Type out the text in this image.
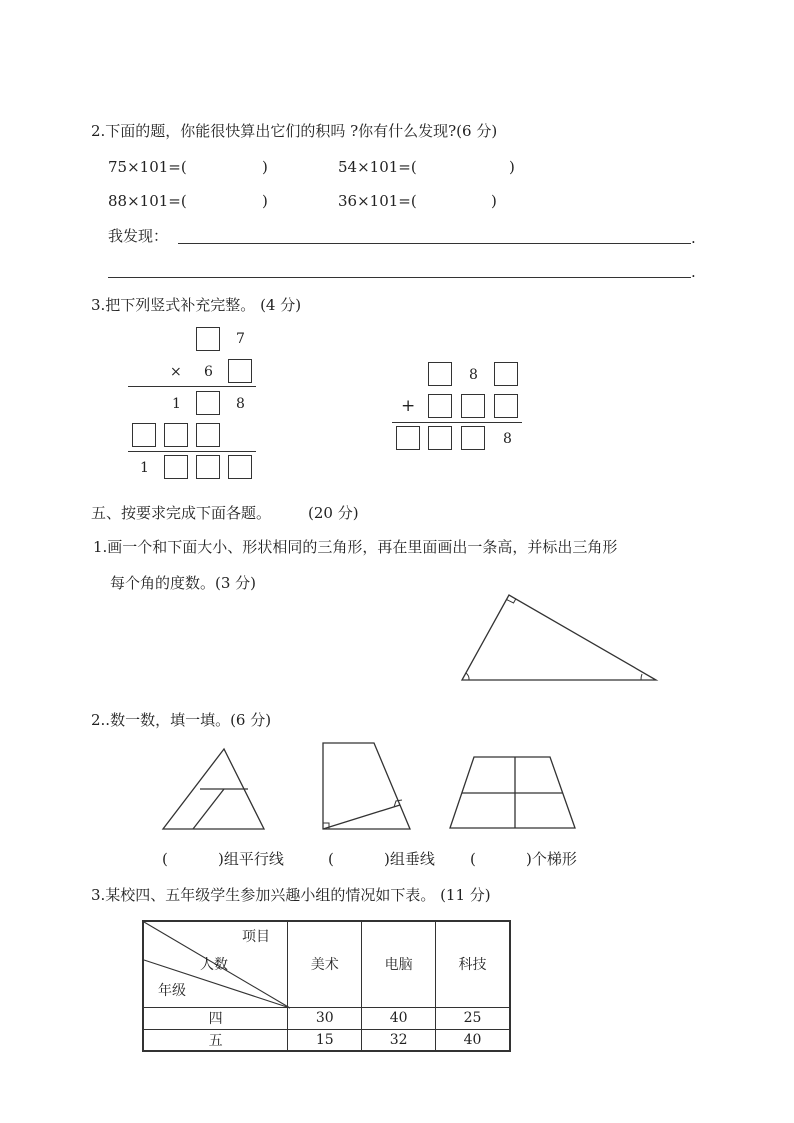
2.下面的题，你能很快算出它们的积吗 ?你有什么发现?(6 分)
75×101=(	)	54×101=(	)
88×101=(	)	36×101=(	)
我发现：	.
.
3.把下列竖式补充完整。 (4 分)
7
× 6
1	8
1
8
+
8
五、按要求完成下面各题。 (20 分)
1.画一个和下面大小、形状相同的三角形，再在里面画出一条高，并标出三角形
每个角的度数。(3 分)
2..数一数，填一填。(6 分)
(	)组平行线	(	)组垂线 (	)个梯形
3.某校四、五年级学生参加兴趣小组的情况如下表。 (11 分)
项目
人数
年级	美术	电脑	科技
四	30	40	25
五	15	32	40
